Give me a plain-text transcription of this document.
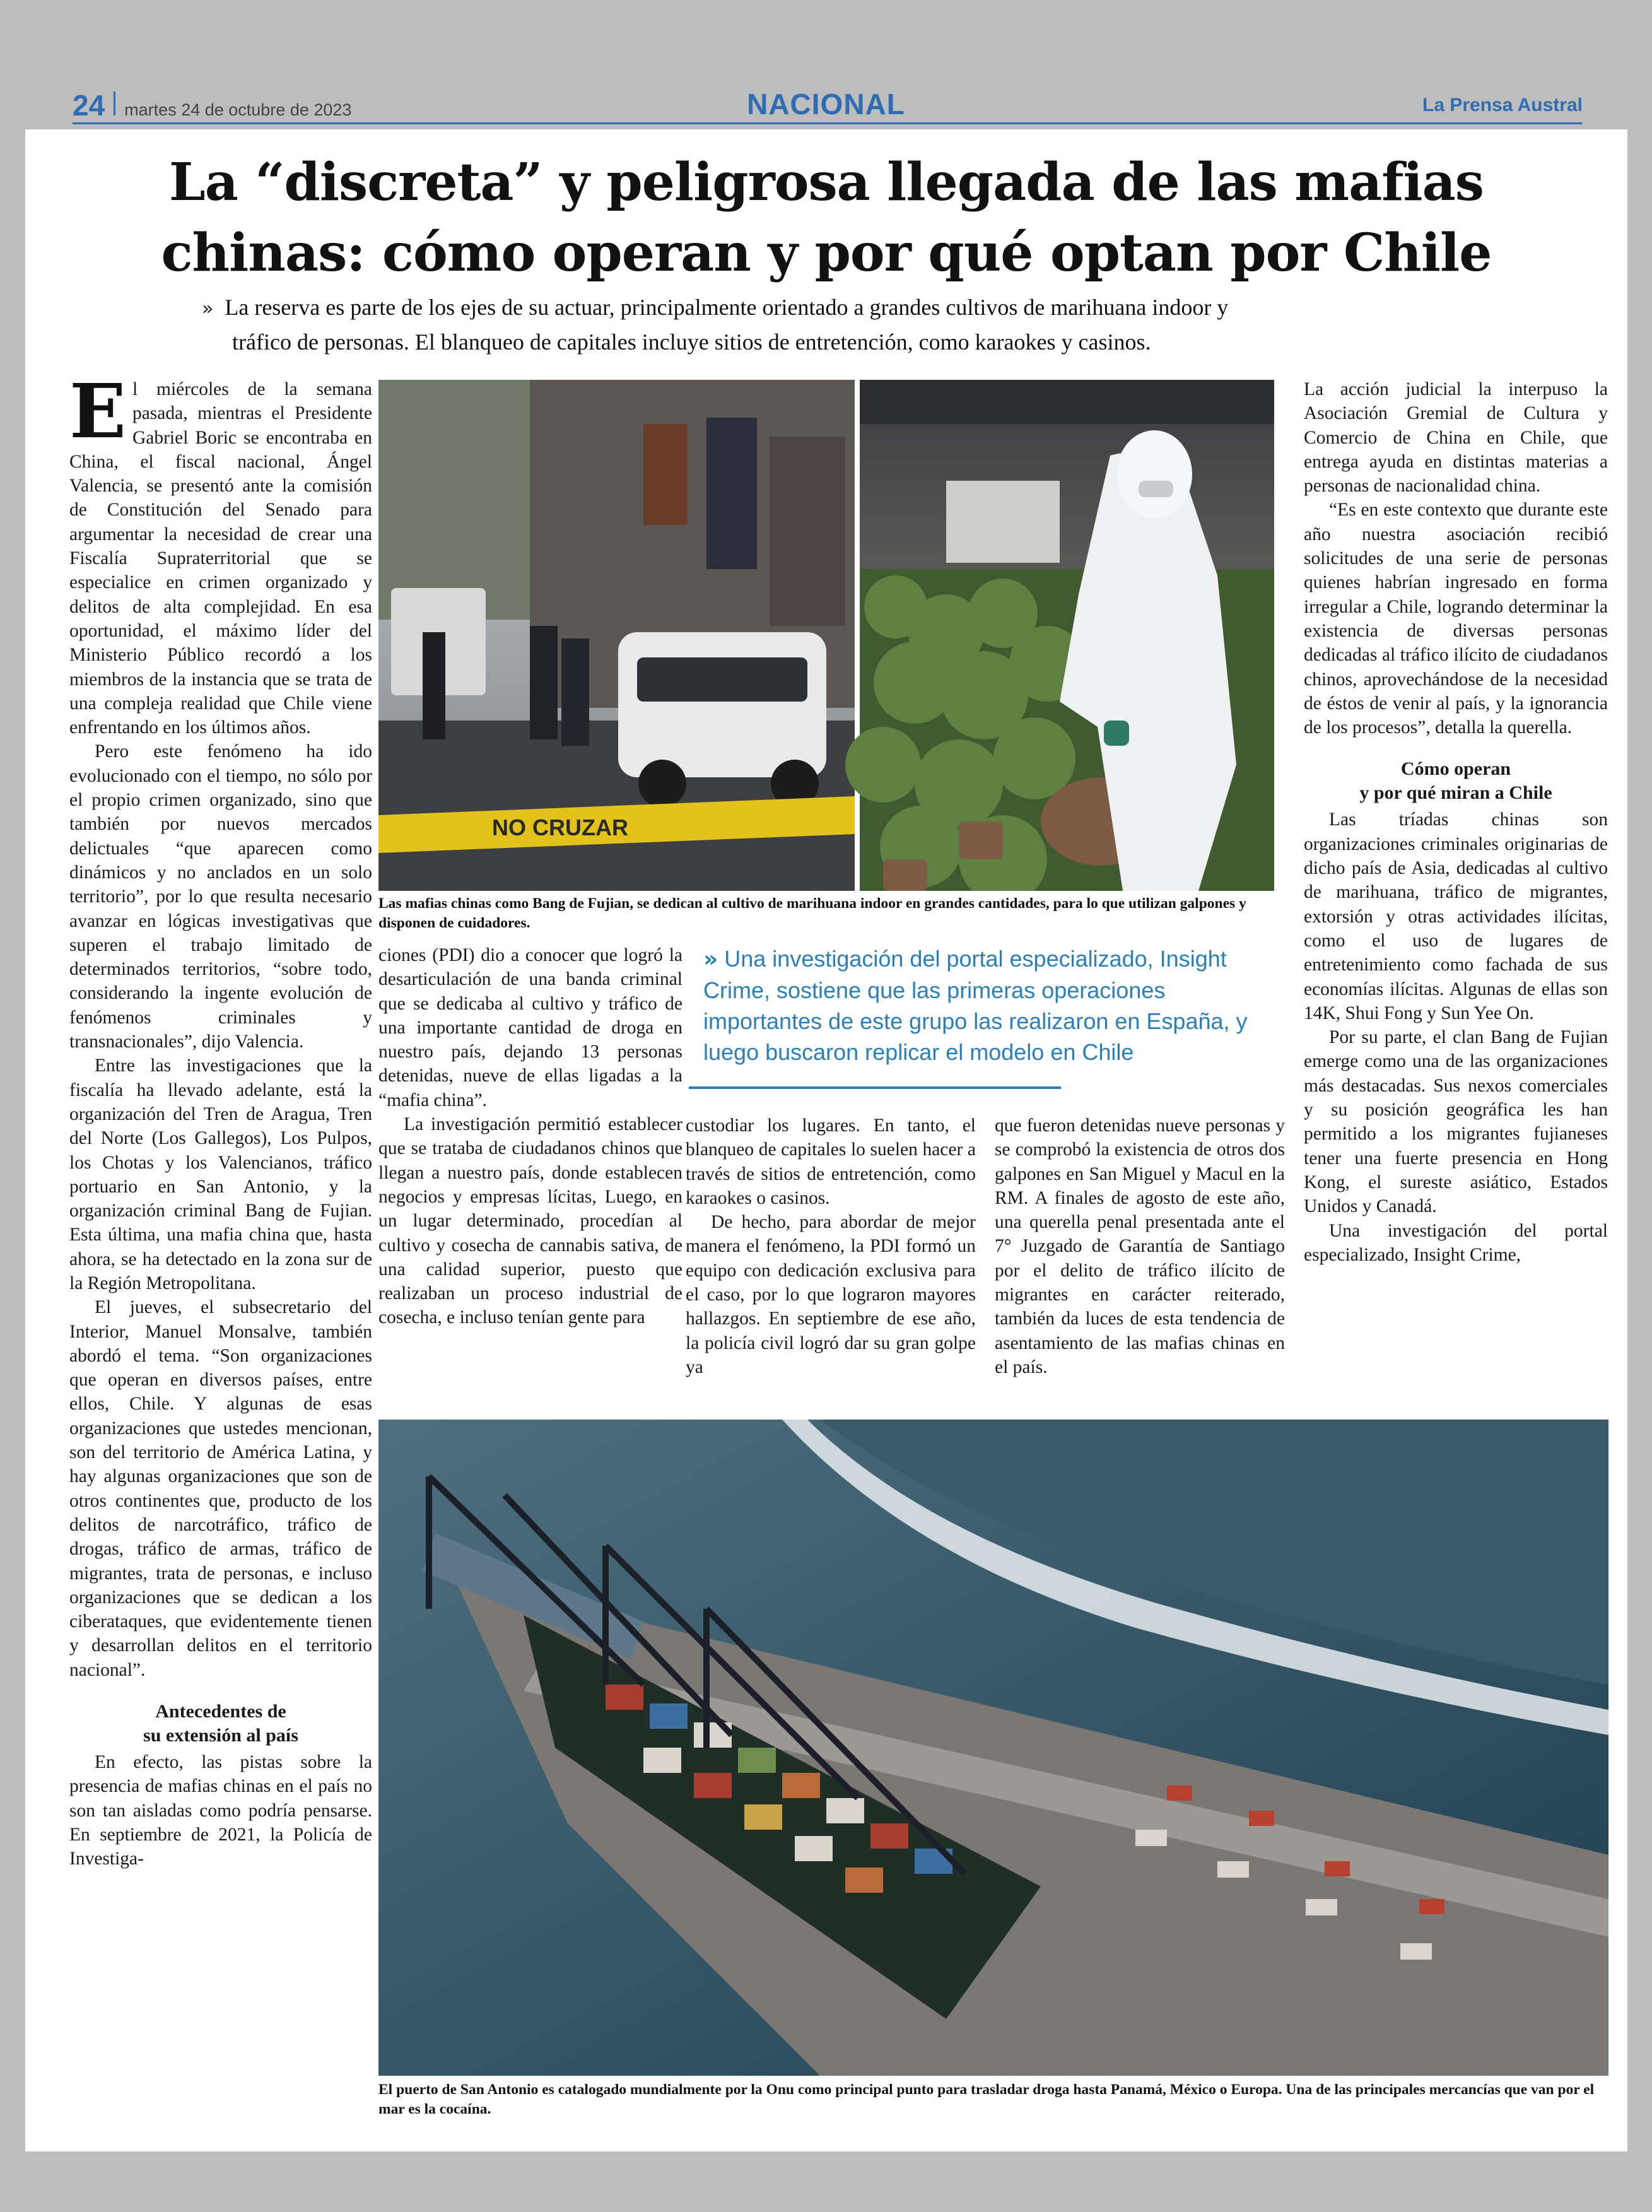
24 martes 24 de octubre de 2023	NACIONAL	La Prensa Austral
La “discreta” y peligrosa llegada de las mafias
chinas: cómo operan y por qué optan por Chile
» La reserva es parte de los ejes de su actuar, principalmente orientado a grandes cultivos de marihuana indoor y
tráfico de personas. El blanqueo de capitales incluye sitios de entretención, como karaokes y casinos.

El miércoles de la semana pasada, mientras el Presidente Gabriel Boric se encontraba en China, el fiscal nacional, Ángel Valencia, se presentó ante la comisión de Constitución del Senado para argumentar la necesidad de crear una Fiscalía Supraterritorial que se especialice en crimen organizado y delitos de alta complejidad. En esa oportunidad, el máximo líder del Ministerio Público recordó a los miembros de la instancia que se trata de una compleja realidad que Chile viene enfrentando en los últimos años.

Pero este fenómeno ha ido evolucionado con el tiempo, no sólo por el propio crimen organizado, sino que también por nuevos mercados delictuales “que aparecen como dinámicos y no anclados en un solo territorio”, por lo que resulta necesario avanzar en lógicas investigativas que superen el trabajo limitado de determinados territorios, “sobre todo, considerando la ingente evolución de fenómenos criminales y transnacionales”, dijo Valencia.

Entre las investigaciones que la fiscalía ha llevado adelante, está la organización del Tren de Aragua, Tren del Norte (Los Gallegos), Los Pulpos, los Chotas y los Valencianos, tráfico portuario en San Antonio, y la organización criminal Bang de Fujian. Esta última, una mafia china que, hasta ahora, se ha detectado en la zona sur de la Región Metropolitana.

El jueves, el subsecretario del Interior, Manuel Monsalve, también abordó el tema. “Son organizaciones que operan en diversos países, entre ellos, Chile. Y algunas de esas organizaciones que ustedes mencionan, son del territorio de América Latina, y hay algunas organizaciones que son de otros continentes que, producto de los delitos de narcotráfico, tráfico de drogas, tráfico de armas, tráfico de migrantes, trata de personas, e incluso organizaciones que se dedican a los ciberataques, que evidentemente tienen y desarrollan delitos en el territorio nacional”.

Antecedentes de
su extensión al país

En efecto, las pistas sobre la presencia de mafias chinas en el país no son tan aisladas como podría pensarse. En septiembre de 2021, la Policía de Investiga-

NO CRUZAR
Las mafias chinas como Bang de Fujian, se dedican al cultivo de marihuana indoor en grandes cantidades, para lo que utilizan galpones y disponen de cuidadores.

La acción judicial la interpuso la Asociación Gremial de Cultura y Comercio de China en Chile, que entrega ayuda en distintas materias a personas de nacionalidad china.

“Es en este contexto que durante este año nuestra asociación recibió solicitudes de una serie de personas quienes habrían ingresado en forma irregular a Chile, logrando determinar la existencia de diversas personas dedicadas al tráfico ilícito de ciudadanos chinos, aprovechándose de la necesidad de éstos de venir al país, y la ignorancia de los procesos”, detalla la querella.

Cómo operan
y por qué miran a Chile

Las tríadas chinas son organizaciones criminales originarias de dicho país de Asia, dedicadas al cultivo de marihuana, tráfico de migrantes, extorsión y otras actividades ilícitas, como el uso de lugares de entretenimiento como fachada de sus economías ilícitas. Algunas de ellas son 14K, Shui Fong y Sun Yee On.

Por su parte, el clan Bang de Fujian emerge como una de las organizaciones más destacadas. Sus nexos comerciales y su posición geográfica les han permitido a los migrantes fujianeses tener una fuerte presencia en Hong Kong, el sureste asiático, Estados Unidos y Canadá.

Una investigación del portal especializado, Insight Crime,

ciones (PDI) dio a conocer que logró la desarticulación de una banda criminal que se dedicaba al cultivo y tráfico de una importante cantidad de droga en nuestro país, dejando 13 personas detenidas, nueve de ellas ligadas a la “mafia china”.

La investigación permitió establecer que se trataba de ciudadanos chinos que llegan a nuestro país, donde establecen negocios y empresas lícitas, Luego, en un lugar determinado, procedían al cultivo y cosecha de cannabis sativa, de una calidad superior, puesto que realizaban un proceso industrial de cosecha, e incluso tenían gente para

» Una investigación del portal especializado, Insight Crime, sostiene que las primeras operaciones importantes de este grupo las realizaron en España, y luego buscaron replicar el modelo en Chile

custodiar los lugares. En tanto, el blanqueo de capitales lo suelen hacer a través de sitios de entretención, como karaokes o casinos.

De hecho, para abordar de mejor manera el fenómeno, la PDI formó un equipo con dedicación exclusiva para el caso, por lo que lograron mayores hallazgos. En septiembre de ese año, la policía civil logró dar su gran golpe ya

que fueron detenidas nueve personas y se comprobó la existencia de otros dos galpones en San Miguel y Macul en la RM. A finales de agosto de este año, una querella penal presentada ante el 7° Juzgado de Garantía de Santiago por el delito de tráfico ilícito de migrantes en carácter reiterado, también da luces de esta tendencia de asentamiento de las mafias chinas en el país.

El puerto de San Antonio es catalogado mundialmente por la Onu como principal punto para trasladar droga hasta Panamá, México o Europa. Una de las principales mercancías que van por el mar es la cocaína.
